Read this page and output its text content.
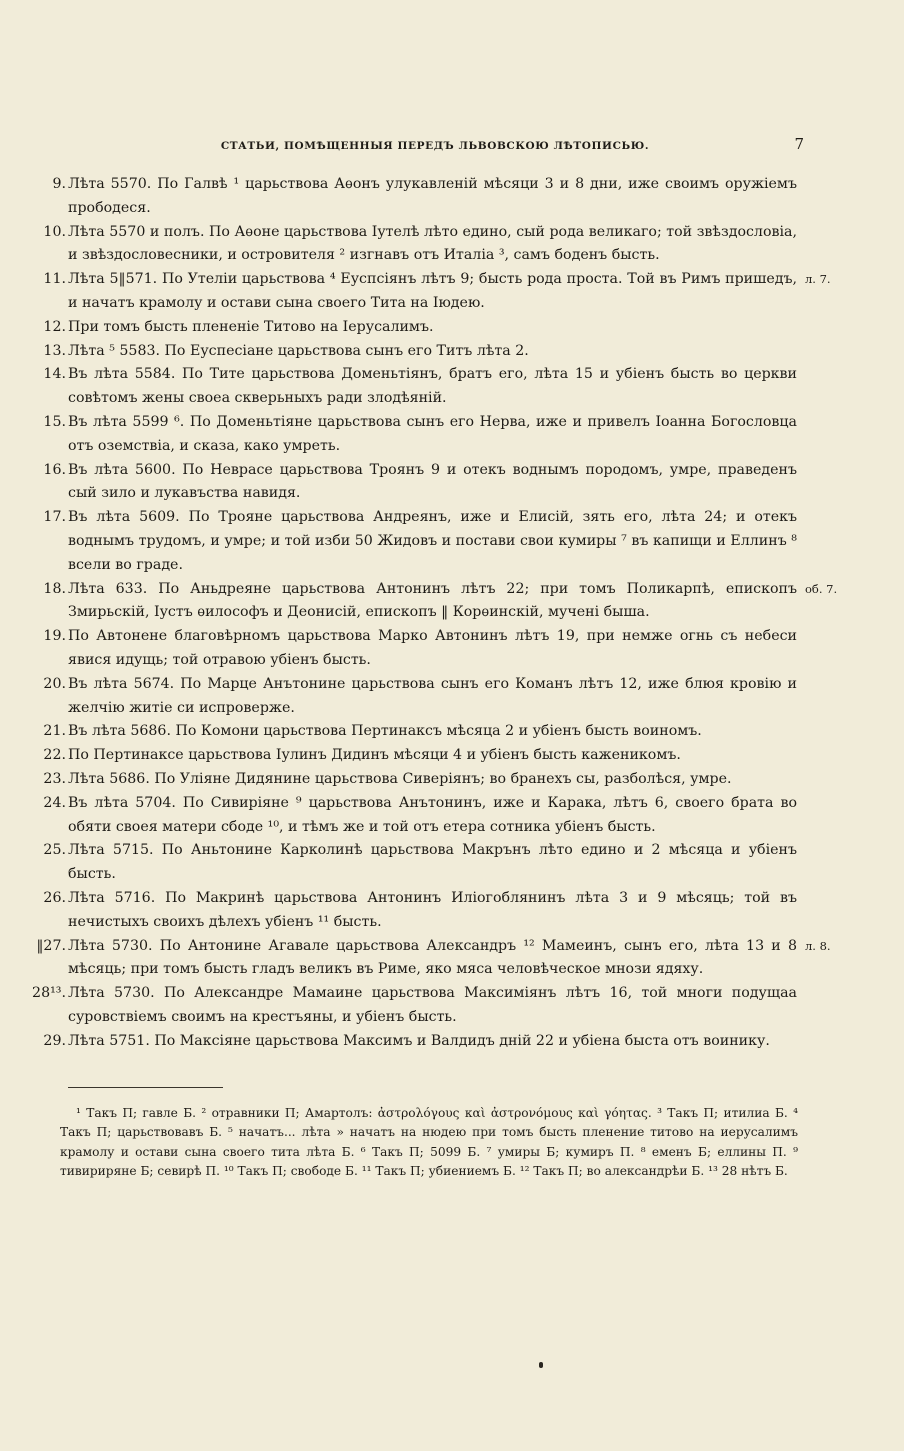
СТАТЬИ, ПОМѢЩЕННЫЯ ПЕРЕДЪ ЛЬВОВСКОЮ ЛѢТОПИСЬЮ.	7
9. Лѣта 5570. По Галвѣ ¹ царьствова Аѳонъ улукавленій мѣсяци 3 и 8 дни, иже своимъ оружіемъ прободеся.
10. Лѣта 5570 и полъ. По Аѳоне царьствова Іутелѣ лѣто едино, сый рода великаго; той звѣздословіа, и звѣздословесники, и островителя ² изгнавъ отъ Италіа ³, самъ боденъ бысть.
11. Лѣта 5‖571. По Утеліи царьствова ⁴ Еуспсіянъ лѣтъ 9; бысть рода проста. Той въ Римъ пришедъ, и начатъ крамолу и остави сына своего Тита на Іюдею.
л. 7.
12. При томъ бысть плененіе Титово на Іерусалимъ.
13. Лѣта ⁵ 5583. По Еуспесіане царьствова сынъ его Титъ лѣта 2.
14. Въ лѣта 5584. По Тите царьствова Доменьтіянъ, братъ его, лѣта 15 и убіенъ бысть во церкви совѣтомъ жены своеа скверьныхъ ради злодѣяній.
15. Въ лѣта 5599 ⁶. По Доменьтіяне царьствова сынъ его Нерва, иже и привелъ Іоанна Богословца отъ оземствіа, и сказа, како умреть.
16. Въ лѣта 5600. По Неврасе царьствова Троянъ 9 и отекъ воднымъ породомъ, умре, праведенъ сый зило и лукавъства навидя.
17. Въ лѣта 5609. По Трояне царьствова Андреянъ, иже и Елисій, зять его, лѣта 24; и отекъ воднымъ трудомъ, и умре; и той изби 50 Жидовъ и постави свои кумиры ⁷ въ капищи и Еллинъ ⁸ всели во граде.
18. Лѣта 633. По Аньдреяне царьствова Антонинъ лѣтъ 22; при томъ Поликарпѣ, епископъ Змирьскій, Іустъ ѳилософъ и Деонисій, епископъ ‖ Корѳинскій, мученi быша.
об. 7.
19. По Автонене благовѣрномъ царьствова Марко Автонинъ лѣтъ 19, при немже огнь съ небеси явися идущь; той отравою убіенъ бысть.
20. Въ лѣта 5674. По Марце Анътонине царьствова сынъ его Команъ лѣтъ 12, иже блюя кровію и желчію житіе си испроверже.
21. Въ лѣта 5686. По Комони царьствова Пертинаксъ мѣсяца 2 и убіенъ бысть воиномъ.
22. По Пертинаксе царьствова Іулинъ Дидинъ мѣсяци 4 и убіенъ бысть каженикомъ.
23. Лѣта 5686. По Уліяне Дидянине царьствова Сиверіянъ; во бранехъ сы, разболѣся, умре.
24. Въ лѣта 5704. По Сивиріяне ⁹ царьствова Анътонинъ, иже и Карака, лѣтъ 6, своего брата во обяти своея матери сбоде ¹⁰, и тѣмъ же и той отъ етера сотника убіенъ бысть.
25. Лѣта 5715. По Аньтонине Карколинѣ царьствова Макрънъ лѣто едино и 2 мѣсяца и убіенъ бысть.
26. Лѣта 5716. По Макринѣ царьствова Антонинъ Иліогоблянинъ лѣта 3 и 9 мѣсяць; той въ нечистыхъ своихъ дѣлехъ убіенъ ¹¹ бысть.
‖27. Лѣта 5730. По Антонине Агавале царьствова Александръ ¹² Мамеинъ, сынъ его, лѣта 13 и 8 мѣсяць; при томъ бысть гладъ великъ въ Риме, яко мяса человѣческое мнози ядяху.
л. 8.
28¹³. Лѣта 5730. По Александре Мамаине царьствова Максиміянъ лѣтъ 16, той многи подущаа суровствіемъ своимъ на крестъяны, и убіенъ бысть.
29. Лѣта 5751. По Максіяне царьствова Максимъ и Валдидъ дній 22 и убіена быста отъ воинику.
¹ Такъ П; гавле Б. ² отравники П; Амартолъ: ἀστρολόγους καὶ ἀστρονόμους καὶ γόητας. ³ Такъ П; итилиа Б. ⁴ Такъ П; царьствовавъ Б. ⁵ начатъ... лѣта » начатъ на нюдею при томъ бысть пленение титово на иерусалимъ крамолу и остави сына своего тита лѣта Б. ⁶ Такъ П; 5099 Б. ⁷ умиры Б; кумиръ П. ⁸ еменъ Б; еллины П. ⁹ тивириряне Б; севирѣ П. ¹⁰ Такъ П; свободе Б. ¹¹ Такъ П; убиениемъ Б. ¹² Такъ П; во александрѣи Б. ¹³ 28 нѣтъ Б.
